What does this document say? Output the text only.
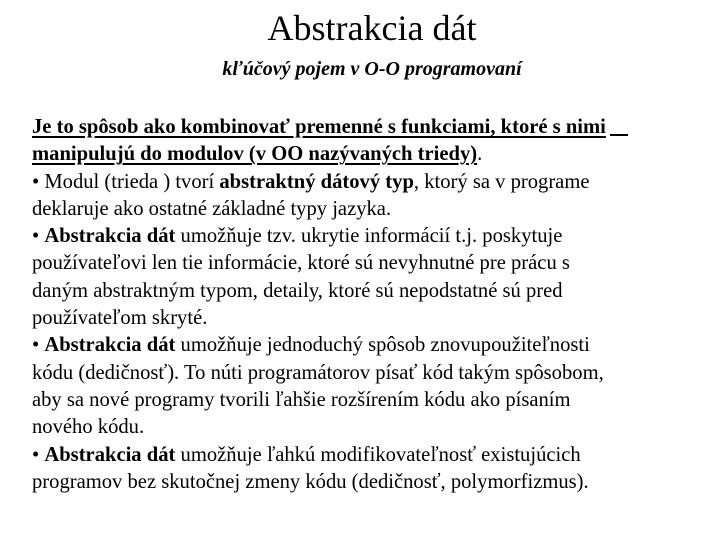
Abstrakcia dát
kľúčový pojem v O-O programovaní
Je to spôsob ako kombinovať premenné s funkciami, ktoré s nimi
manipulujú do modulov (v OO nazývaných triedy).
• Modul (trieda ) tvorí abstraktný dátový typ, ktorý sa v programe
deklaruje ako ostatné základné typy jazyka.
• Abstrakcia dát umožňuje tzv. ukrytie informácií t.j. poskytuje
používateľovi len tie informácie, ktoré sú nevyhnutné pre prácu s
daným abstraktným typom, detaily, ktoré sú nepodstatné sú pred
používateľom skryté.
• Abstrakcia dát umožňuje jednoduchý spôsob znovupoužiteľnosti
kódu (dedičnosť). To núti programátorov písať kód takým spôsobom,
aby sa nové programy tvorili ľahšie rozšírením kódu ako písaním
nového kódu.
• Abstrakcia dát umožňuje ľahkú modifikovateľnosť existujúcich
programov bez skutočnej zmeny kódu (dedičnosť, polymorfizmus).
